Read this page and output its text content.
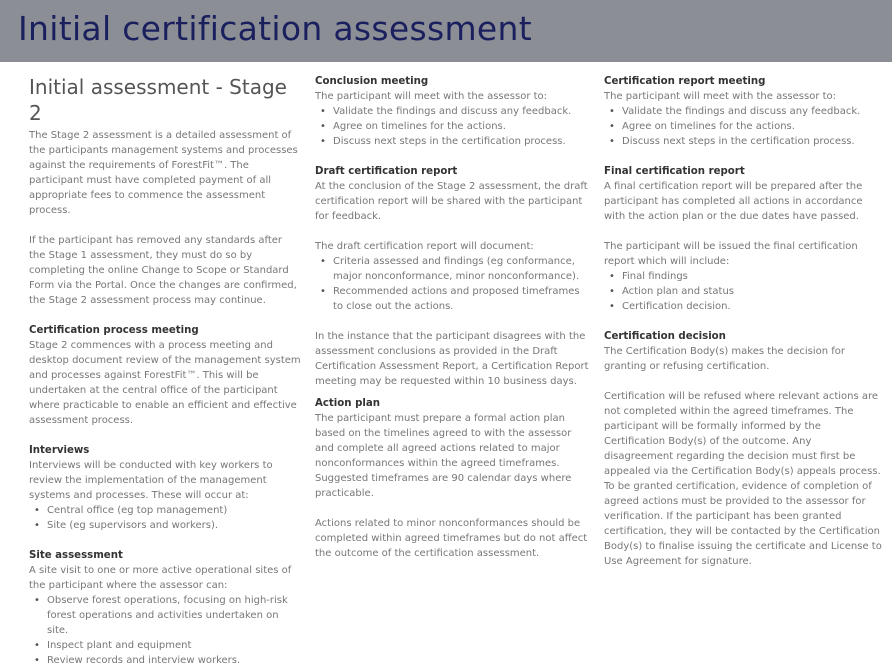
Initial certification assessment
Initial assessment - Stage 2

The Stage 2 assessment is a detailed assessment of the participants management systems and processes against the requirements of ForestFit™. The participant must have completed payment of all appropriate fees to commence the assessment process.

If the participant has removed any standards after the Stage 1 assessment, they must do so by completing the online Change to Scope or Standard Form via the Portal. Once the changes are confirmed, the Stage 2 assessment process may continue.

Certification process meeting

Stage 2 commences with a process meeting and desktop document review of the management system and processes against ForestFit™. This will be undertaken at the central office of the participant where practicable to enable an efficient and effective assessment process.

Interviews

Interviews will be conducted with key workers to review the implementation of the management systems and processes. These will occur at:

• Central office (eg top management)
• Site (eg supervisors and workers).
Site assessment

A site visit to one or more active operational sites of the participant where the assessor can:

• Observe forest operations, focusing on high-risk forest operations and activities undertaken on site.
• Inspect plant and equipment
• Review records and interview workers.
Conclusion meeting

The participant will meet with the assessor to:

• Validate the findings and discuss any feedback.
• Agree on timelines for the actions.
• Discuss next steps in the certification process.
Draft certification report

At the conclusion of the Stage 2 assessment, the draft certification report will be shared with the participant for feedback.

The draft certification report will document:

• Criteria assessed and findings (eg conformance, major nonconformance, minor nonconformance).
• Recommended actions and proposed timeframes to close out the actions.

In the instance that the participant disagrees with the assessment conclusions as provided in the Draft Certification Assessment Report, a Certification Report meeting may be requested within 10 business days.

Action plan

The participant must prepare a formal action plan based on the timelines agreed to with the assessor and complete all agreed actions related to major nonconformances within the agreed timeframes. Suggested timeframes are 90 calendar days where practicable.

Actions related to minor nonconformances should be completed within agreed timeframes but do not affect the outcome of the certification assessment.

Certification report meeting

The participant will meet with the assessor to:

• Validate the findings and discuss any feedback.
• Agree on timelines for the actions.
• Discuss next steps in the certification process.
Final certification report

A final certification report will be prepared after the participant has completed all actions in accordance with the action plan or the due dates have passed.

The participant will be issued the final certification report which will include:

• Final findings
• Action plan and status
• Certification decision.
Certification decision

The Certification Body(s) makes the decision for granting or refusing certification.

Certification will be refused where relevant actions are not completed within the agreed timeframes. The participant will be formally informed by the Certification Body(s) of the outcome. Any disagreement regarding the decision must first be appealed via the Certification Body(s) appeals process. To be granted certification, evidence of completion of agreed actions must be provided to the assessor for verification. If the participant has been granted certification, they will be contacted by the Certification Body(s) to finalise issuing the certificate and License to Use Agreement for signature.
